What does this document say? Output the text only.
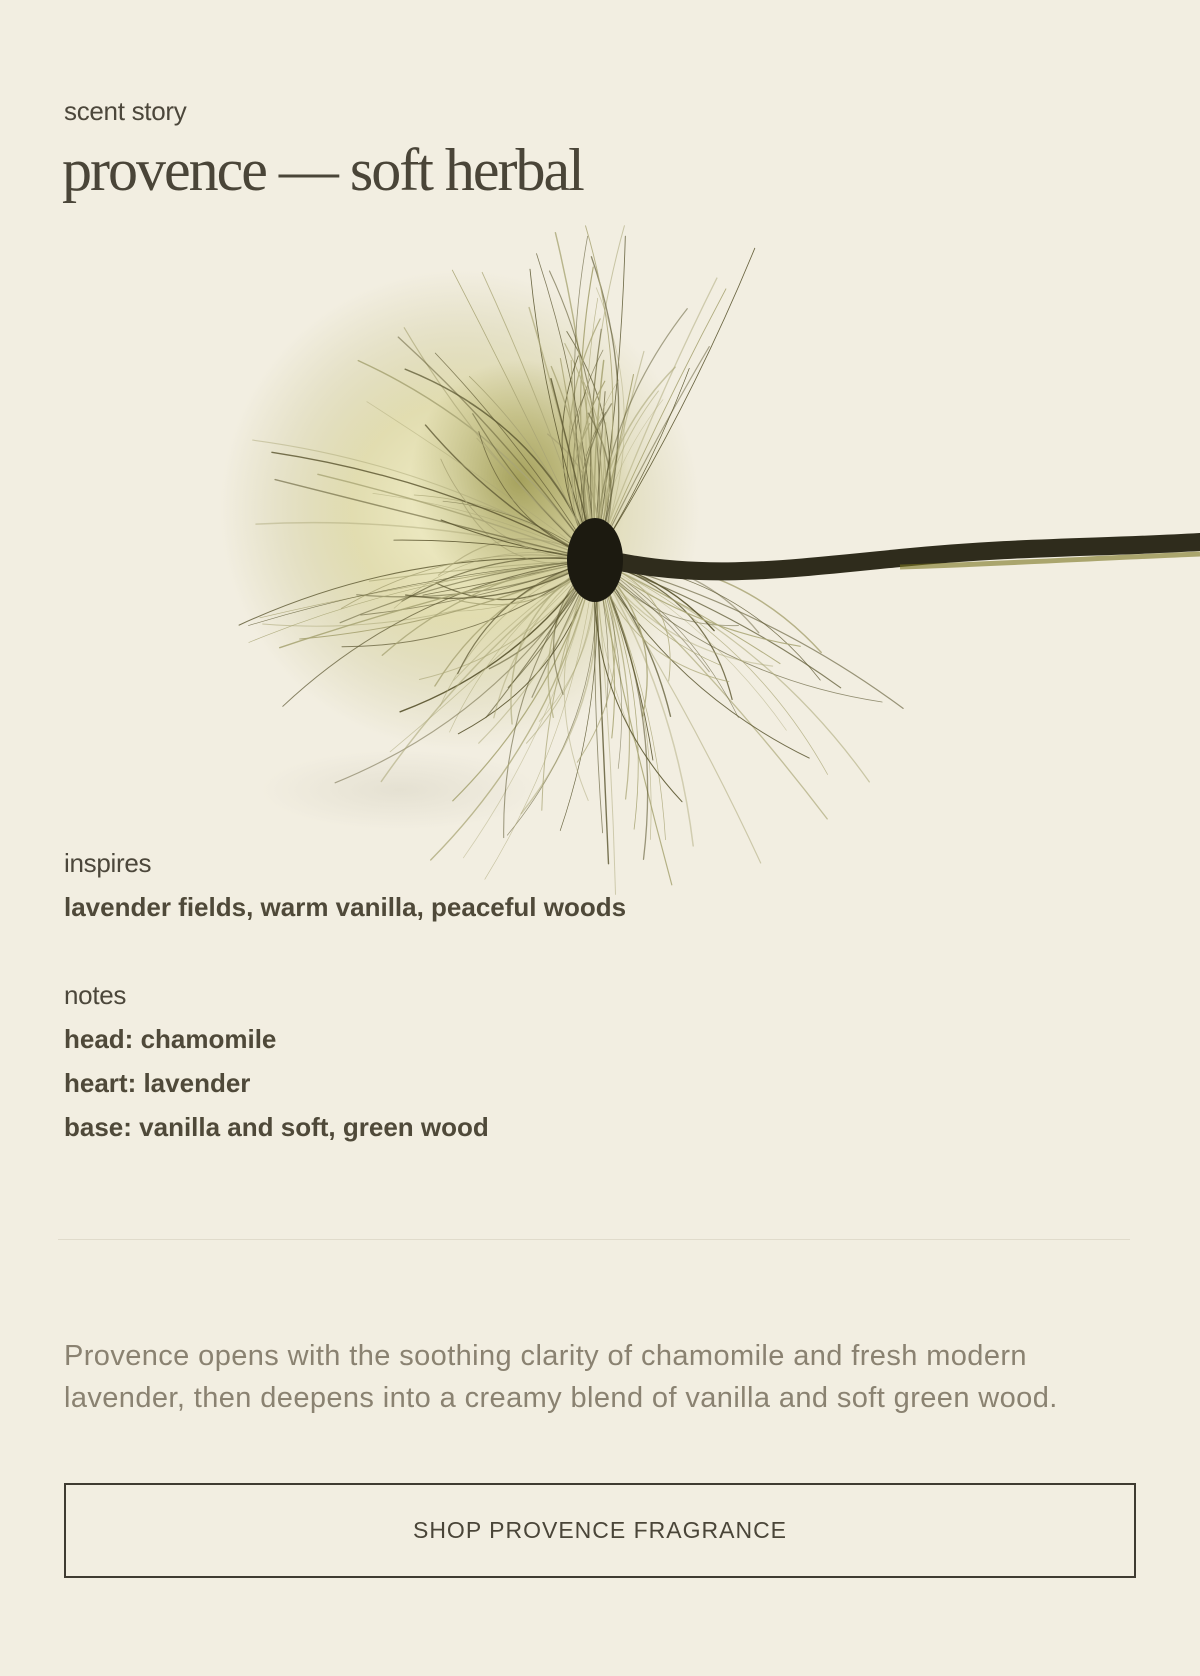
scent story
provence — soft herbal
inspires
lavender fields, warm vanilla, peaceful woods
notes
head: chamomile
heart: lavender
base: vanilla and soft, green wood

Provence opens with the soothing clarity of chamomile and fresh modern lavender, then deepens into a creamy blend of vanilla and soft green wood.

SHOP PROVENCE FRAGRANCE
